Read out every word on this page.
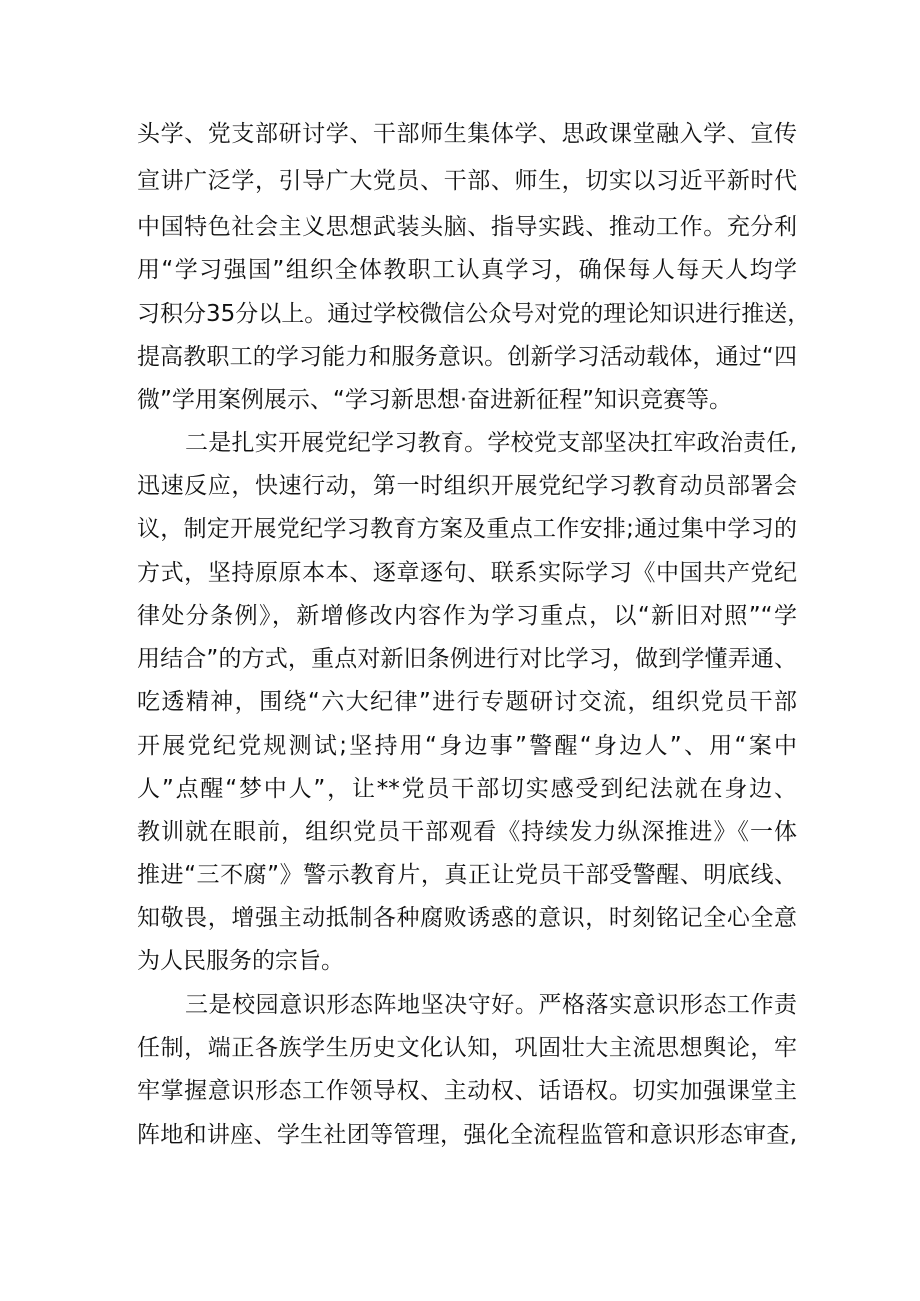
头学、党支部研讨学、干部师生集体学、思政课堂融入学、宣传
宣讲广泛学，引导广大党员、干部、师生，切实以习近平新时代
中国特色社会主义思想武装头脑、指导实践、推动工作。充分利
用“学习强国”组织全体教职工认真学习，确保每人每天人均学
习积分35分以上。通过学校微信公众号对党的理论知识进行推送，
提高教职工的学习能力和服务意识。创新学习活动载体，通过“四
微”学用案例展示、“学习新思想·奋进新征程”知识竞赛等。
二是扎实开展党纪学习教育。学校党支部坚决扛牢政治责任,
迅速反应，快速行动，第一时组织开展党纪学习教育动员部署会
议，制定开展党纪学习教育方案及重点工作安排;通过集中学习的
方式，坚持原原本本、逐章逐句、联系实际学习《中国共产党纪
律处分条例》，新增修改内容作为学习重点，以“新旧对照”“学
用结合”的方式，重点对新旧条例进行对比学习，做到学懂弄通、
吃透精神，围绕“六大纪律”进行专题研讨交流，组织党员干部
开展党纪党规测试;坚持用“身边事”警醒“身边人”、用“案中
人”点醒“梦中人”，让**党员干部切实感受到纪法就在身边、
教训就在眼前，组织党员干部观看《持续发力纵深推进》《一体
推进“三不腐”》警示教育片，真正让党员干部受警醒、明底线、
知敬畏，增强主动抵制各种腐败诱惑的意识，时刻铭记全心全意
为人民服务的宗旨。
三是校园意识形态阵地坚决守好。严格落实意识形态工作责
任制，端正各族学生历史文化认知，巩固壮大主流思想舆论，牢
牢掌握意识形态工作领导权、主动权、话语权。切实加强课堂主
阵地和讲座、学生社团等管理，强化全流程监管和意识形态审查,
